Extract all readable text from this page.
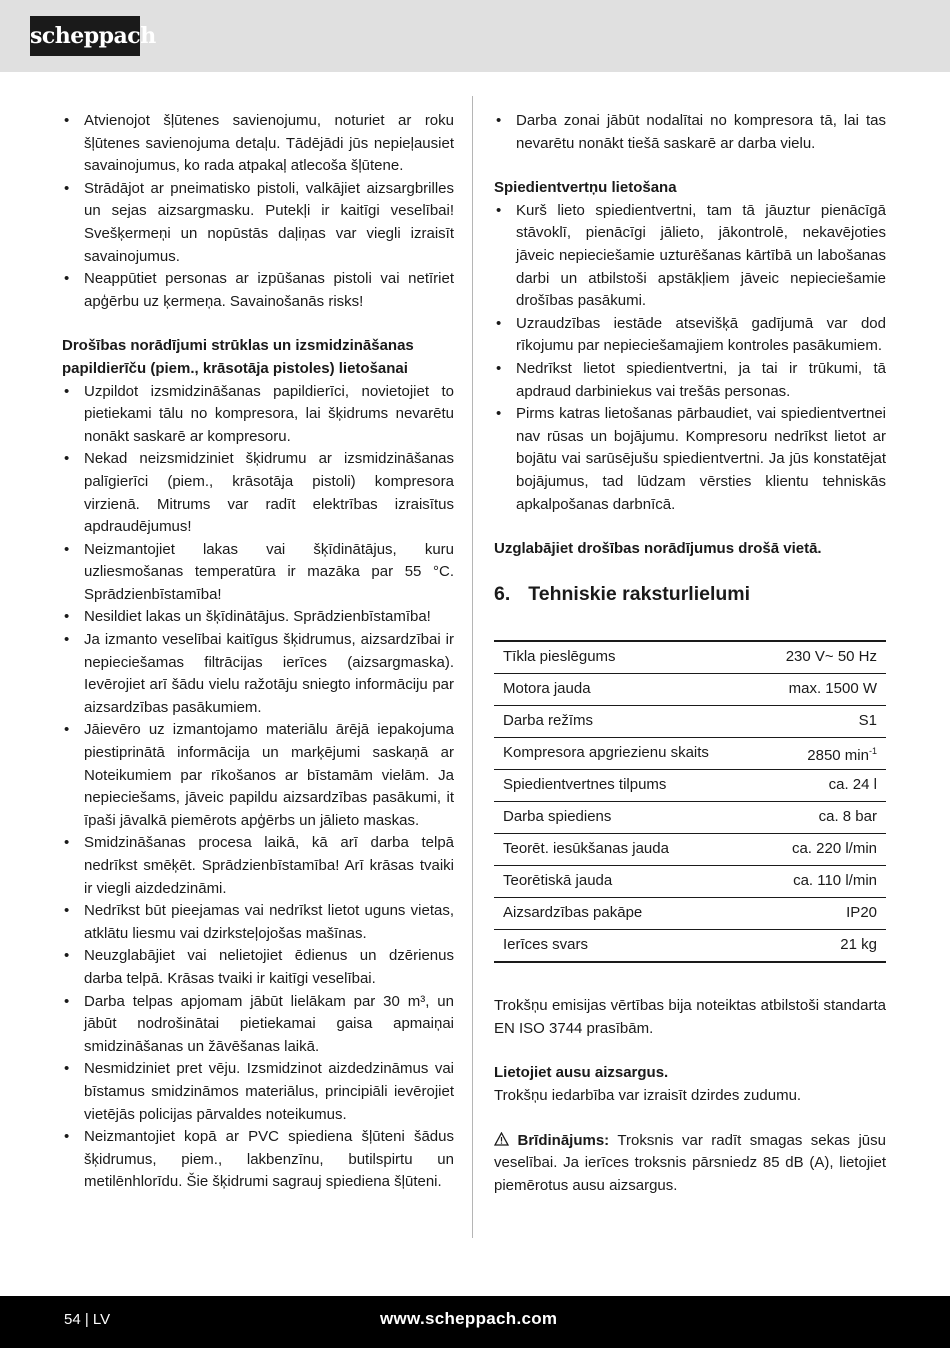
scheppach
• Atvienojot šļūtenes savienojumu, noturiet ar roku šļūtenes savienojuma detaļu. Tādējādi jūs nepieļausiet savainojumus, ko rada atpakaļ atlecoša šļūtene.
• Strādājot ar pneimatisko pistoli, valkājiet aizsargbrilles un sejas aizsargmasku. Putekļi ir kaitīgi veselībai! Svešķermeņi un nopūstās daļiņas var viegli izraisīt savainojumus.
• Neappūtiet personas ar izpūšanas pistoli vai netīriet apģērbu uz ķermeņa. Savainošanās risks!

Drošības norādījumi strūklas un izsmidzināšanas papildierīču (piem., krāsotāja pistoles) lietošanai

• Uzpildot izsmidzināšanas papildierīci, novietojiet to pietiekami tālu no kompresora, lai šķidrums nevarētu nonākt saskarē ar kompresoru.
• Nekad neizsmidziniet šķidrumu ar izsmidzināšanas palīgierīci (piem., krāsotāja pistoli) kompresora virzienā. Mitrums var radīt elektrības izraisītus apdraudējumus!
• Neizmantojiet lakas vai šķīdinātājus, kuru uzliesmošanas temperatūra ir mazāka par 55 °C. Sprādzienbīstamība!
• Nesildiet lakas un šķīdinātājus. Sprādzienbīstamība!
• Ja izmanto veselībai kaitīgus šķidrumus, aizsardzībai ir nepieciešamas filtrācijas ierīces (aizsargmaska). Ievērojiet arī šādu vielu ražotāju sniegto informāciju par aizsardzības pasākumiem.
• Jāievēro uz izmantojamo materiālu ārējā iepakojuma piestiprinātā informācija un marķējumi saskaņā ar Noteikumiem par rīkošanos ar bīstamām vielām. Ja nepieciešams, jāveic papildu aizsardzības pasākumi, it īpaši jāvalkā piemērots apģērbs un jālieto maskas.
• Smidzināšanas procesa laikā, kā arī darba telpā nedrīkst smēķēt. Sprādzienbīstamība! Arī krāsas tvaiki ir viegli aizdedzināmi.
• Nedrīkst būt pieejamas vai nedrīkst lietot uguns vietas, atklātu liesmu vai dzirksteļojošas mašīnas.
• Neuzglabājiet vai nelietojiet ēdienus un dzērienus darba telpā. Krāsas tvaiki ir kaitīgi veselībai.
• Darba telpas apjomam jābūt lielākam par 30 m³, un jābūt nodrošinātai pietiekamai gaisa apmaiņai smidzināšanas un žāvēšanas laikā.
• Nesmidziniet pret vēju. Izsmidzinot aizdedzināmus vai bīstamus smidzināmos materiālus, principiāli ievērojiet vietējās policijas pārvaldes noteikumus.
• Neizmantojiet kopā ar PVC spiediena šļūteni šādus šķidrumus, piem., lakbenzīnu, butilspirtu un metilēnhlorīdu. Šie šķidrumi sagrauj spiediena šļūteni.
• Darba zonai jābūt nodalītai no kompresora tā, lai tas nevarētu nonākt tiešā saskarē ar darba vielu.

Spiedientvertņu lietošana

• Kurš lieto spiedientvertni, tam tā jāuztur pienācīgā stāvoklī, pienācīgi jālieto, jākontrolē, nekavējoties jāveic nepieciešamie uzturēšanas kārtībā un labošanas darbi un atbilstoši apstākļiem jāveic nepieciešamie drošības pasākumi.
• Uzraudzības iestāde atsevišķā gadījumā var dod rīkojumu par nepieciešamajiem kontroles pasākumiem.
• Nedrīkst lietot spiedientvertni, ja tai ir trūkumi, tā apdraud darbiniekus vai trešās personas.
• Pirms katras lietošanas pārbaudiet, vai spiedientvertnei nav rūsas un bojājumu. Kompresoru nedrīkst lietot ar bojātu vai sarūsējušu spiedientvertni. Ja jūs konstatējat bojājumus, tad lūdzam vērsties klientu tehniskās apkalpošanas darbnīcā.

Uzglabājiet drošības norādījumus drošā vietā.

6. Tehniskie raksturlielumi
Tīkla pieslēgums	230 V~ 50 Hz
Motora jauda	max. 1500 W
Darba režīms	S1
Kompresora apgriezienu skaits	2850 $\min^{-1}$
Spiedientvertnes tilpums	ca. 24 l
Darba spiediens	ca. 8 bar
Teorēt. iesūkšanas jauda	ca. 220 l/min
Teorētiskā jauda	ca. 110 l/min
Aizsardzības pakāpe	IP20
Ierīces svars	21 kg

Trokšņu emisijas vērtības bija noteiktas atbilstoši standarta EN ISO 3744 prasībām.

Lietojiet ausu aizsargus.

Trokšņu iedarbība var izraisīt dzirdes zudumu.

Brīdinājums: Troksnis var radīt smagas sekas jūsu veselībai. Ja ierīces troksnis pārsniedz 85 dB (A), lietojiet piemērotus ausu aizsargus.

54 | LV	www.scheppach.com
